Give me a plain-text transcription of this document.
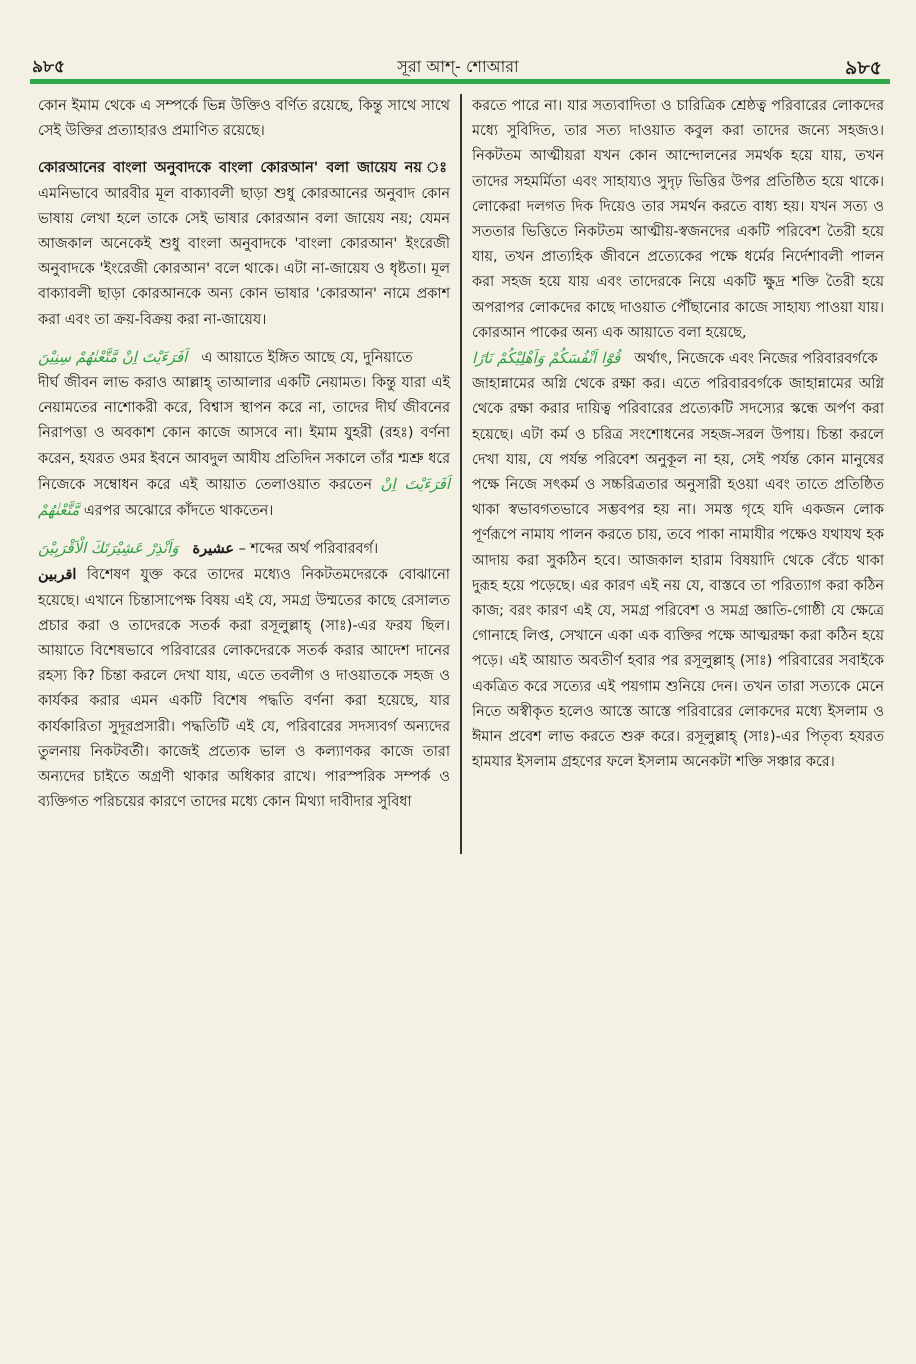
৯৮৫	সূরা আশ্‌- শোআরা	৯৮৫

কোন ইমাম থেকে এ সম্পর্কে ভিন্ন উক্তিও বর্ণিত রয়েছে, কিন্তু সাথে সাথে সেই উক্তির প্রত্যাহারও প্রমাণিত রয়েছে।

কোরআনের বাংলা অনুবাদকে বাংলা কোরআন' বলা জায়েয নয় ঃ এমনিভাবে আরবীর মূল বাক্যাবলী ছাড়া শুধু কোরআনের অনুবাদ কোন ভাষায় লেখা হলে তাকে সেই ভাষার কোরআন বলা জায়েয নয়; যেমন আজকাল অনেকেই শুধু বাংলা অনুবাদকে 'বাংলা কোরআন' ইংরেজী অনুবাদকে 'ইংরেজী কোরআন' বলে থাকে। এটা না-জায়েয ও ধৃষ্টতা। মূল বাক্যাবলী ছাড়া কোরআনকে অন্য কোন ভাষার 'কোরআন' নামে প্রকাশ করা এবং তা ক্রয়-বিক্রয় করা না-জায়েয।

اَفَرَءَيْتَ اِنْ مَّتَّعْنٰهُمْ سِنِيْنَ এ আয়াতে ইঙ্গিত আছে যে, দুনিয়াতে

দীর্ঘ জীবন লাভ করাও আল্লাহ্‌ তাআলার একটি নেয়ামত। কিন্তু যারা এই নেয়ামতের নাশোকরী করে, বিশ্বাস স্থাপন করে না, তাদের দীর্ঘ জীবনের নিরাপত্তা ও অবকাশ কোন কাজে আসবে না। ইমাম যুহরী (রহঃ) বর্ণনা করেন, হযরত ওমর ইবনে আবদুল আযীয প্রতিদিন সকালে তাঁর শ্মশ্রু ধরে নিজেকে সম্বোধন করে এই আয়াত তেলাওয়াত করতেন اَفَرَءَيْتَ اِنْ مَّتَّعْنٰهُمْ এরপর অঝোরে কাঁদতে থাকতেন।

وَاَنْذِرْ عَشِيْرَتَكَ الْاَقْرَبِيْنَ عشيرة – শব্দের অর্থ পরিবারবর্গ।

اقربين বিশেষণ যুক্ত করে তাদের মধ্যেও নিকটতমদেরকে বোঝানো হয়েছে। এখানে চিন্তাসাপেক্ষ বিষয় এই যে, সমগ্র উম্মতের কাছে রেসালত প্রচার করা ও তাদেরকে সতর্ক করা রসূলুল্লাহ্‌ (সাঃ)-এর ফরয ছিল। আয়াতে বিশেষভাবে পরিবারের লোকদেরকে সতর্ক করার আদেশ দানের রহস্য কি? চিন্তা করলে দেখা যায়, এতে তবলীগ ও দাওয়াতকে সহজ ও কার্যকর করার এমন একটি বিশেষ পদ্ধতি বর্ণনা করা হয়েছে, যার কার্যকারিতা সুদূরপ্রসারী। পদ্ধতিটি এই যে, পরিবারের সদস্যবর্গ অন্যদের তুলনায় নিকটবর্তী। কাজেই প্রত্যেক ভাল ও কল্যাণকর কাজে তারা অন্যদের চাইতে অগ্রণী থাকার অধিকার রাখে। পারস্পরিক সম্পর্ক ও ব্যক্তিগত পরিচয়ের কারণে তাদের মধ্যে কোন মিথ্যা দাবীদার সুবিধা

করতে পারে না। যার সত্যবাদিতা ও চারিত্রিক শ্রেষ্ঠত্ব পরিবারের লোকদের মধ্যে সুবিদিত, তার সত্য দাওয়াত কবুল করা তাদের জন্যে সহজও। নিকটতম আত্মীয়রা যখন কোন আন্দোলনের সমর্থক হয়ে যায়, তখন তাদের সহমর্মিতা এবং সাহায্যও সুদৃঢ় ভিত্তির উপর প্রতিষ্ঠিত হয়ে থাকে। লোকেরা দলগত দিক দিয়েও তার সমর্থন করতে বাধ্য হয়। যখন সত্য ও সততার ভিত্তিতে নিকটতম আত্মীয়-স্বজনদের একটি পরিবেশ তৈরী হয়ে যায়, তখন প্রাত্যহিক জীবনে প্রত্যেকের পক্ষে ধর্মের নির্দেশাবলী পালন করা সহজ হয়ে যায় এবং তাদেরকে নিয়ে একটি ক্ষুদ্র শক্তি তৈরী হয়ে অপরাপর লোকদের কাছে দাওয়াত পৌঁছানোর কাজে সাহায্য পাওয়া যায়। কোরআন পাকের অন্য এক আয়াতে বলা হয়েছে,

قُوْٓا اَنْفُسَكُمْ وَاَهْلِيْكُمْ نَارًا অর্থাৎ, নিজেকে এবং নিজের পরিবারবর্গকে

জাহান্নামের অগ্নি থেকে রক্ষা কর। এতে পরিবারবর্গকে জাহান্নামের অগ্নি থেকে রক্ষা করার দায়িত্ব পরিবারের প্রত্যেকটি সদস্যের স্কন্ধে অর্পণ করা হয়েছে। এটা কর্ম ও চরিত্র সংশোধনের সহজ-সরল উপায়। চিন্তা করলে দেখা যায়, যে পর্যন্ত পরিবেশ অনুকূল না হয়, সেই পর্যন্ত কোন মানুষের পক্ষে নিজে সৎকর্ম ও সচ্চরিত্রতার অনুসারী হওয়া এবং তাতে প্রতিষ্ঠিত থাকা স্বভাবগতভাবে সম্ভবপর হয় না। সমস্ত গৃহে যদি একজন লোক পূর্ণরূপে নামায পালন করতে চায়, তবে পাকা নামাযীর পক্ষেও যথাযথ হক আদায় করা সুকঠিন হবে। আজকাল হারাম বিষয়াদি থেকে বেঁচে থাকা দুরূহ হয়ে পড়েছে। এর কারণ এই নয় যে, বাস্তবে তা পরিত্যাগ করা কঠিন কাজ; বরং কারণ এই যে, সমগ্র পরিবেশ ও সমগ্র জ্ঞাতি-গোষ্ঠী যে ক্ষেত্রে গোনাহে লিপ্ত, সেখানে একা এক ব্যক্তির পক্ষে আত্মরক্ষা করা কঠিন হয়ে পড়ে। এই আয়াত অবতীর্ণ হবার পর রসূলুল্লাহ্‌ (সাঃ) পরিবারের সবাইকে একত্রিত করে সত্যের এই পয়গাম শুনিয়ে দেন। তখন তারা সত্যকে মেনে নিতে অস্বীকৃত হলেও আস্তে আস্তে পরিবারের লোকদের মধ্যে ইসলাম ও ঈমান প্রবেশ লাভ করতে শুরু করে। রসূলুল্লাহ্‌ (সাঃ)-এর পিতৃব্য হযরত হামযার ইসলাম গ্রহণের ফলে ইসলাম অনেকটা শক্তি সঞ্চার করে।
